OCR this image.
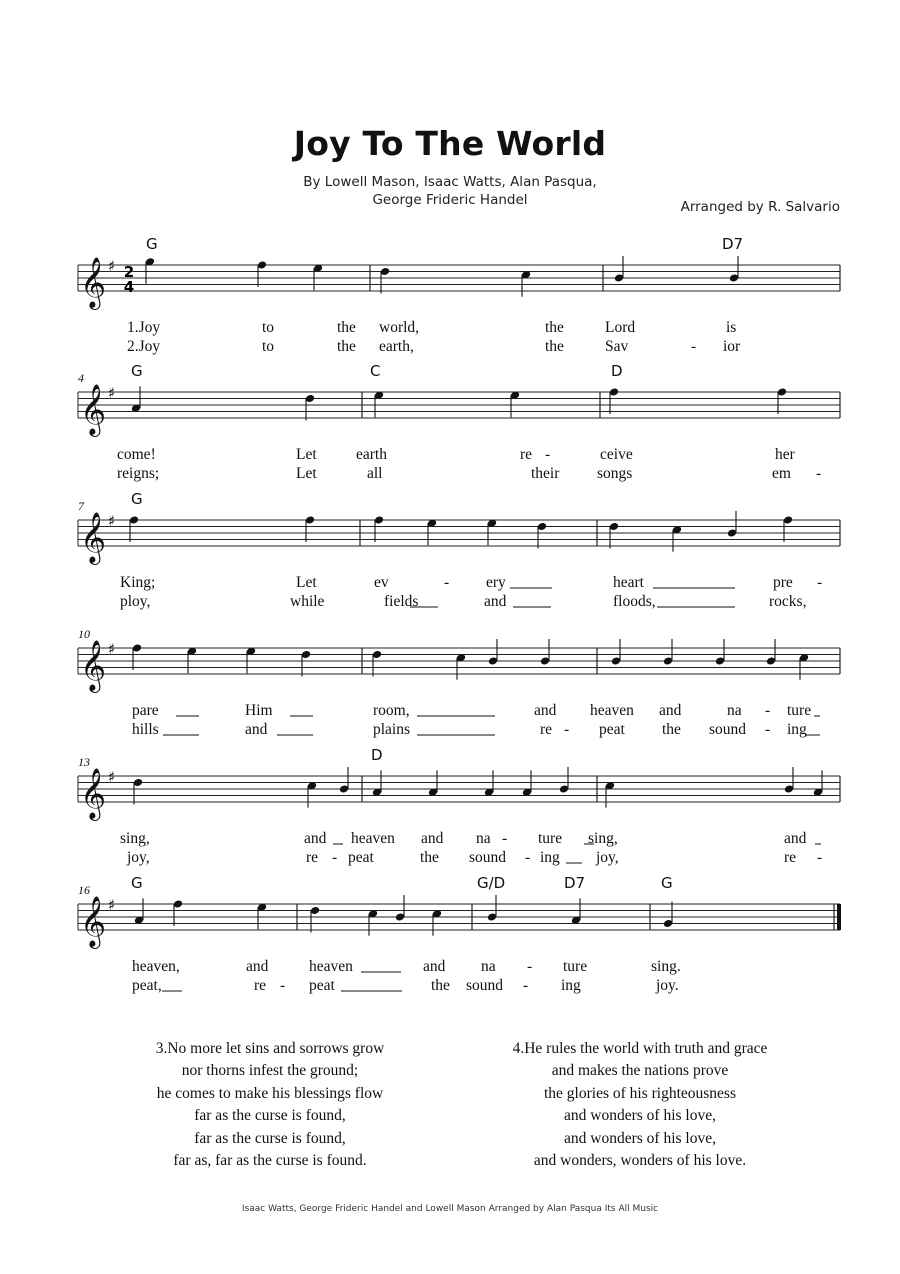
Joy To The World
By Lowell Mason, Isaac Watts, Alan Pasqua,
George Frideric Handel	Arranged by R. Salvario
𝄞 ♯ 2
4
G	D7
1.Joy	to	the world,	the	Lord	is
2.Joy	to	the earth,	the	Sav	- ior
𝄞 ♯
4	G	C	D
come!	Let	earth	re -	ceive	her
reigns;	Let	all	their songs	em -
𝄞 ♯
7	G
King;	Let	ev	- ery	heart	pre -
ploy,	while	fields	and	floods,	rocks,
𝄞 ♯
10
pare	Him	room,	and heaven and	na - ture
hills	and	plains	re - peat the sound - ing
𝄞 ♯
13	D
sing,	and heaven and na - ture sing,	and
joy,	re - peat	the sound - ing joy,	re -
𝄞 ♯
16	G	G/D	D7	G
heaven,	and	heaven	and na - ture	sing.
peat,	re - peat	the sound - ing	joy.
3.No more let sins and sorrows grow
nor thorns infest the ground;
he comes to make his blessings flow
far as the curse is found,
far as the curse is found,
far as, far as the curse is found.
4.He rules the world with truth and grace
and makes the nations prove
the glories of his righteousness
and wonders of his love,
and wonders of his love,
and wonders, wonders of his love.
Isaac Watts, George Frideric Handel and Lowell Mason Arranged by Alan Pasqua Its All Music
